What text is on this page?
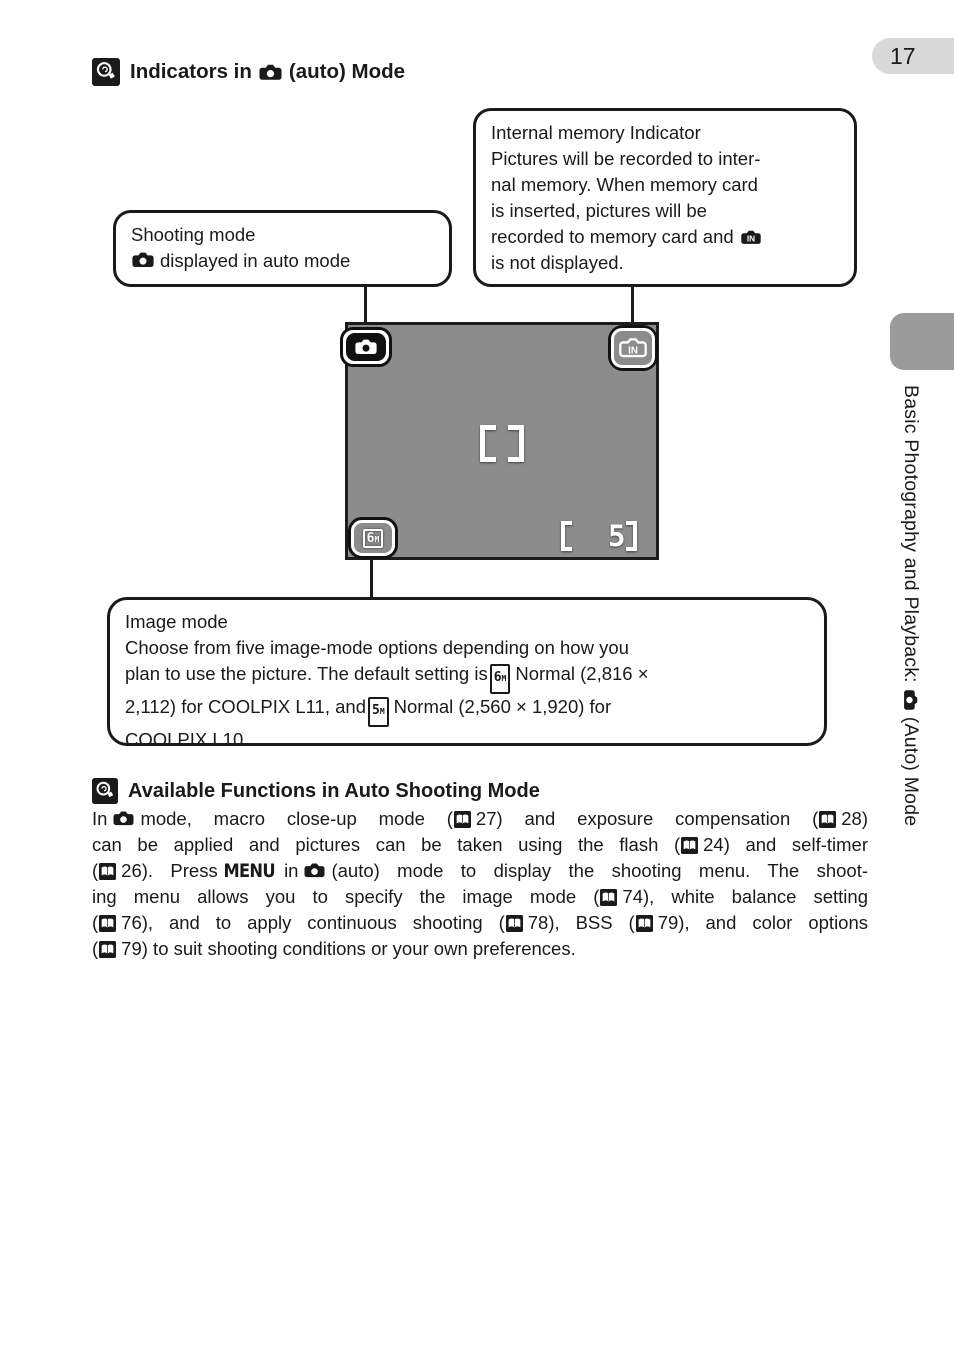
17
Indicators in (auto) Mode
Shooting mode
displayed in auto mode
Internal memory Indicator
Pictures will be recorded to inter-
nal memory. When memory card
is inserted, pictures will be
recorded to memory card and IN
is not displayed.
IN
6 M	5
Image mode
Choose from five image-mode options depending on how you
plan to use the picture. The default setting is 6 M Normal (2,816 ×
2,112) for COOLPIX L11, and 5 M Normal (2,560 × 1,920) for
COOLPIX L10.
Available Functions in Auto Shooting Mode
In mode, macro close-up mode ( 27) and exposure compensation ( 28)
can be applied and pictures can be taken using the flash ( 24) and self-timer
( 26). Press MENU in (auto) mode to display the shooting menu. The shoot-
ing menu allows you to specify the image mode ( 74), white balance setting
( 76), and to apply continuous shooting ( 78), BSS ( 79), and color options
( 79) to suit shooting conditions or your own preferences.
Basic Photography and Playback:(Auto) Mode
